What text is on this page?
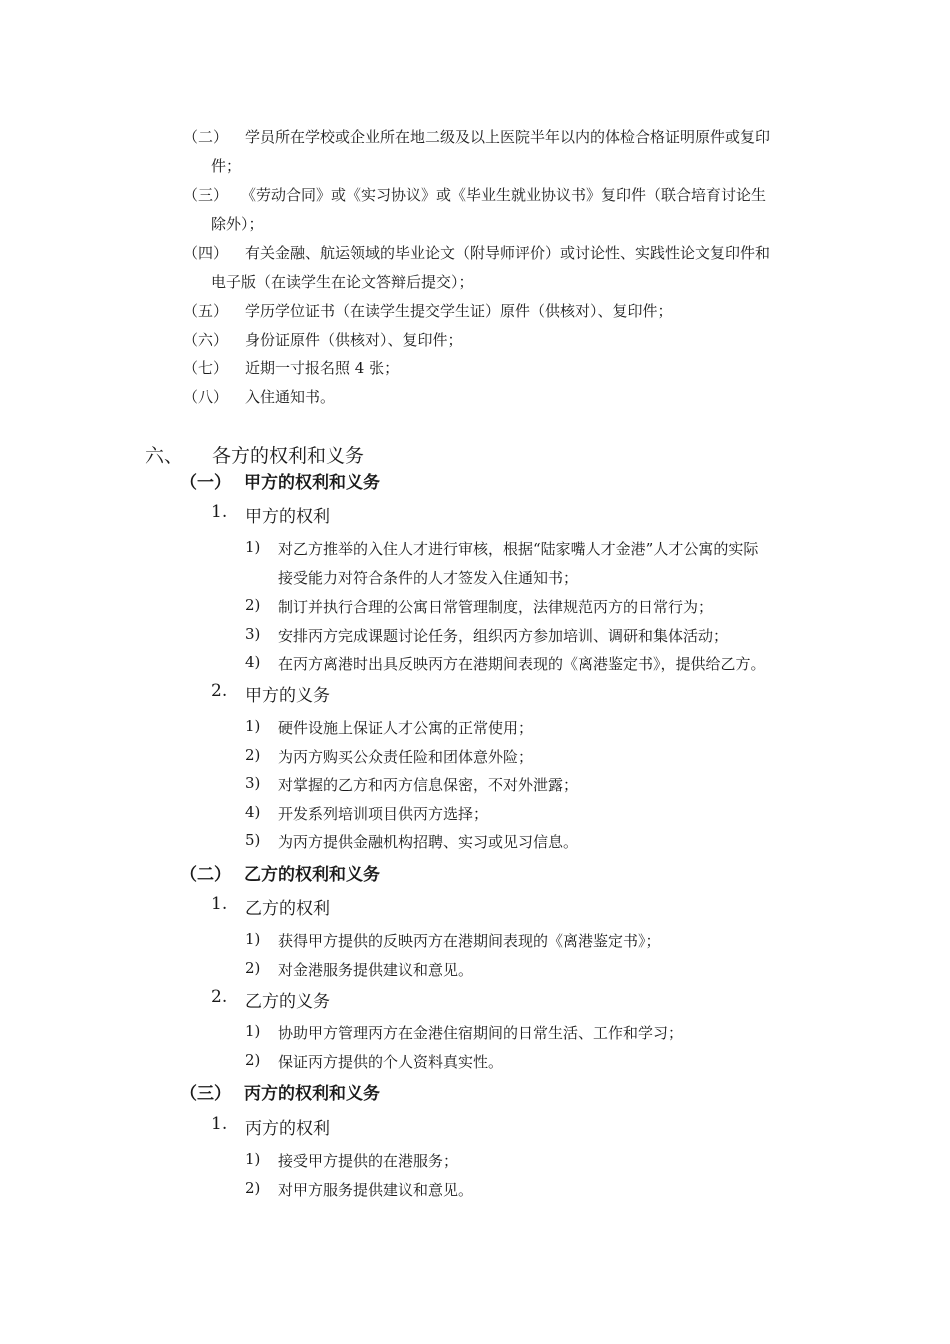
（二） 学员所在学校或企业所在地二级及以上医院半年以内的体检合格证明原件或复印
件；
（三） 《劳动合同》或《实习协议》或《毕业生就业协议书》复印件（联合培育讨论生
除外）；
（四） 有关金融、航运领域的毕业论文（附导师评价）或讨论性、实践性论文复印件和
电子版（在读学生在论文答辩后提交）；
（五） 学历学位证书（在读学生提交学生证）原件（供核对）、复印件；
（六） 身份证原件（供核对）、复印件；
（七） 近期一寸报名照 4 张；
（八） 入住通知书。
六、 各方的权利和义务
（一） 甲方的权利和义务
1. 甲方的权利
1) 对乙方推举的入住人才进行审核，根据“陆家嘴人才金港”人才公寓的实际
接受能力对符合条件的人才签发入住通知书；
2) 制订并执行合理的公寓日常管理制度，法律规范丙方的日常行为；
3) 安排丙方完成课题讨论任务，组织丙方参加培训、调研和集体活动；
4) 在丙方离港时出具反映丙方在港期间表现的《离港鉴定书》，提供给乙方。
2. 甲方的义务
1) 硬件设施上保证人才公寓的正常使用；
2) 为丙方购买公众责任险和团体意外险；
3) 对掌握的乙方和丙方信息保密，不对外泄露；
4) 开发系列培训项目供丙方选择；
5) 为丙方提供金融机构招聘、实习或见习信息。
（二） 乙方的权利和义务
1. 乙方的权利
1) 获得甲方提供的反映丙方在港期间表现的《离港鉴定书》；
2) 对金港服务提供建议和意见。
2. 乙方的义务
1) 协助甲方管理丙方在金港住宿期间的日常生活、工作和学习；
2) 保证丙方提供的个人资料真实性。
（三） 丙方的权利和义务
1. 丙方的权利
1) 接受甲方提供的在港服务；
2) 对甲方服务提供建议和意见。
